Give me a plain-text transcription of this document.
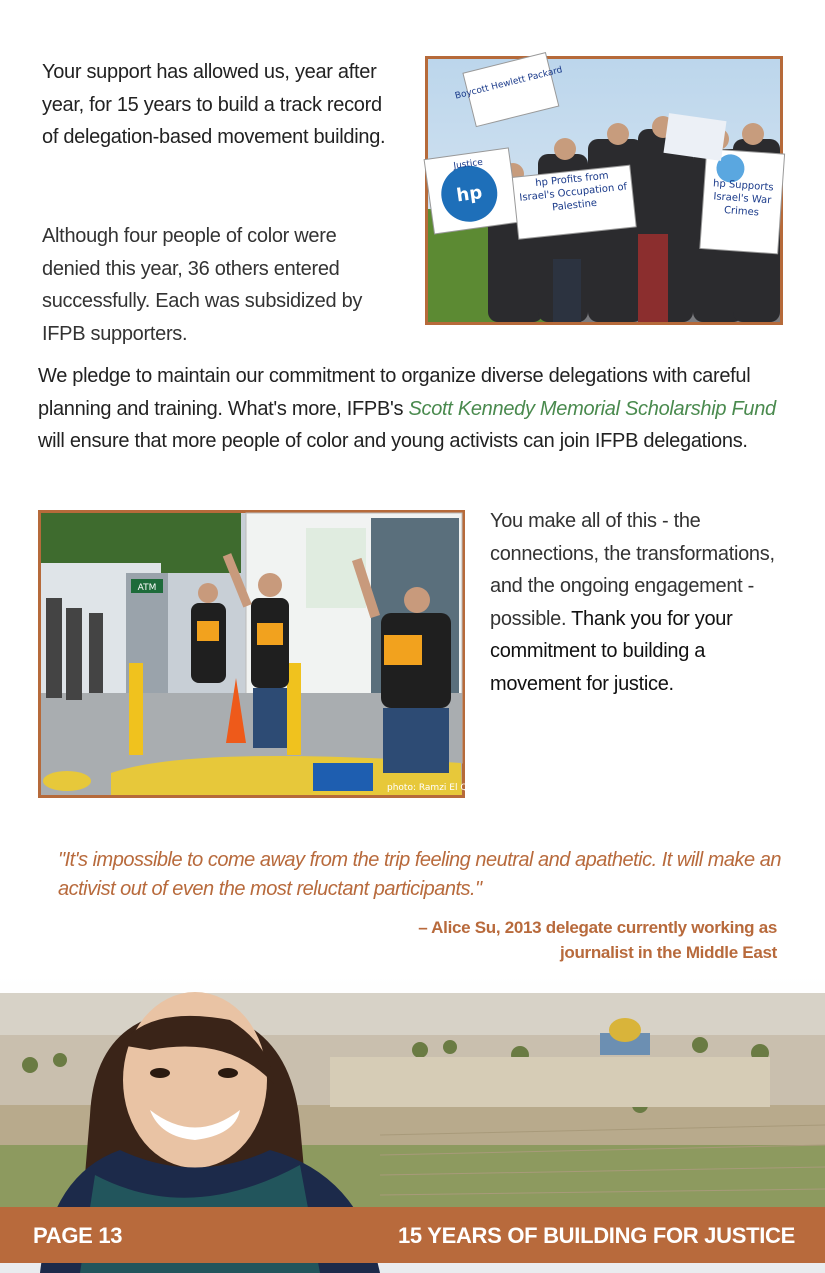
Your support has allowed us, year after year, for 15 years to build a track record of delegation-based movement building.

Although four people of color were denied this year, 36 others entered successfully. Each was subsidized by IFPB supporters.

Boycott Hewlett Packard
hp
Justice
hp Profits from Israel's Occupation of Palestine
hp Supports Israel's War Crimes

We pledge to maintain our commitment to organize diverse delegations with careful planning and training. What's more, IFPB's Scott Kennedy Memorial Scholarship Fund will ensure that more people of color and young activists can join IFPB delegations.

ATM
photo: Ramzi El Qare

You make all of this - the connections, the transformations, and the ongoing engagement - possible. Thank you for your commitment to building a movement for justice.

"It's impossible to come away from the trip feeling neutral and apathetic. It will make an activist out of even the most reluctant participants."

– Alice Su, 2013 delegate currently working as journalist in the Middle East
PAGE 13	15 YEARS OF BUILDING FOR JUSTICE
